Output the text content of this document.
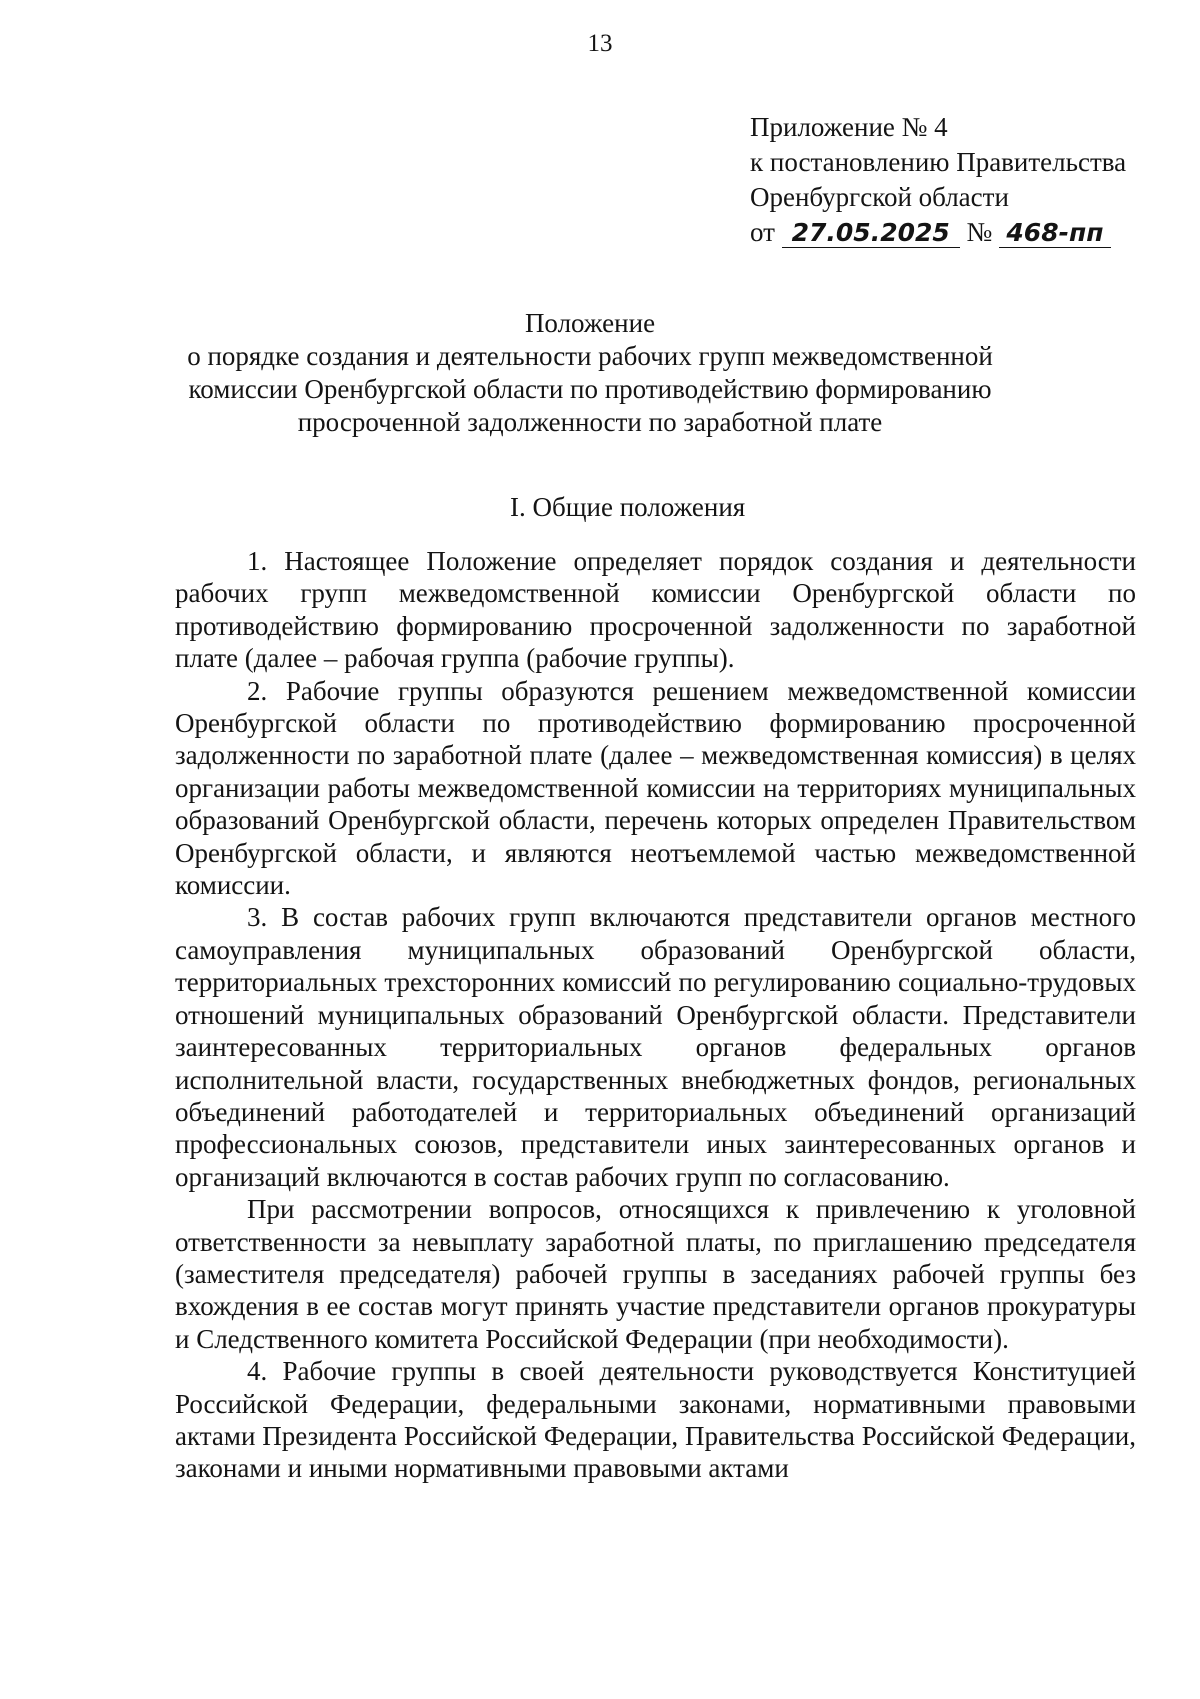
13
Приложение № 4
к постановлению Правительства
Оренбургской области
от 27.05.2025 № 468-пп
Положение
о порядке создания и деятельности рабочих групп межведомственной
комиссии Оренбургской области по противодействию формированию
просроченной задолженности по заработной плате
I. Общие положения

1. Настоящее Положение определяет порядок создания и деятельности рабочих групп межведомственной комиссии Оренбургской области по противодействию формированию просроченной задолженности по заработной плате (далее – рабочая группа (рабочие группы).

2. Рабочие группы образуются решением межведомственной комиссии Оренбургской области по противодействию формированию просроченной задолженности по заработной плате (далее – межведомственная комиссия) в целях организации работы межведомственной комиссии на территориях муниципальных образований Оренбургской области, перечень которых определен Правительством Оренбургской области, и являются неотъемлемой частью межведомственной комиссии.

3. В состав рабочих групп включаются представители органов местного самоуправления муниципальных образований Оренбургской области, территориальных трехсторонних комиссий по регулированию социально-трудовых отношений муниципальных образований Оренбургской области. Представители заинтересованных территориальных органов федеральных органов исполнительной власти, государственных внебюджетных фондов, региональных объединений работодателей и территориальных объединений организаций профессиональных союзов, представители иных заинтересованных органов и организаций включаются в состав рабочих групп по согласованию.

При рассмотрении вопросов, относящихся к привлечению к уголовной ответственности за невыплату заработной платы, по приглашению председателя (заместителя председателя) рабочей группы в заседаниях рабочей группы без вхождения в ее состав могут принять участие представители органов прокуратуры и Следственного комитета Российской Федерации (при необходимости).

4. Рабочие группы в своей деятельности руководствуется Конституцией Российской Федерации, федеральными законами, нормативными правовыми актами Президента Российской Федерации, Правительства Российской Федерации, законами и иными нормативными правовыми актами
